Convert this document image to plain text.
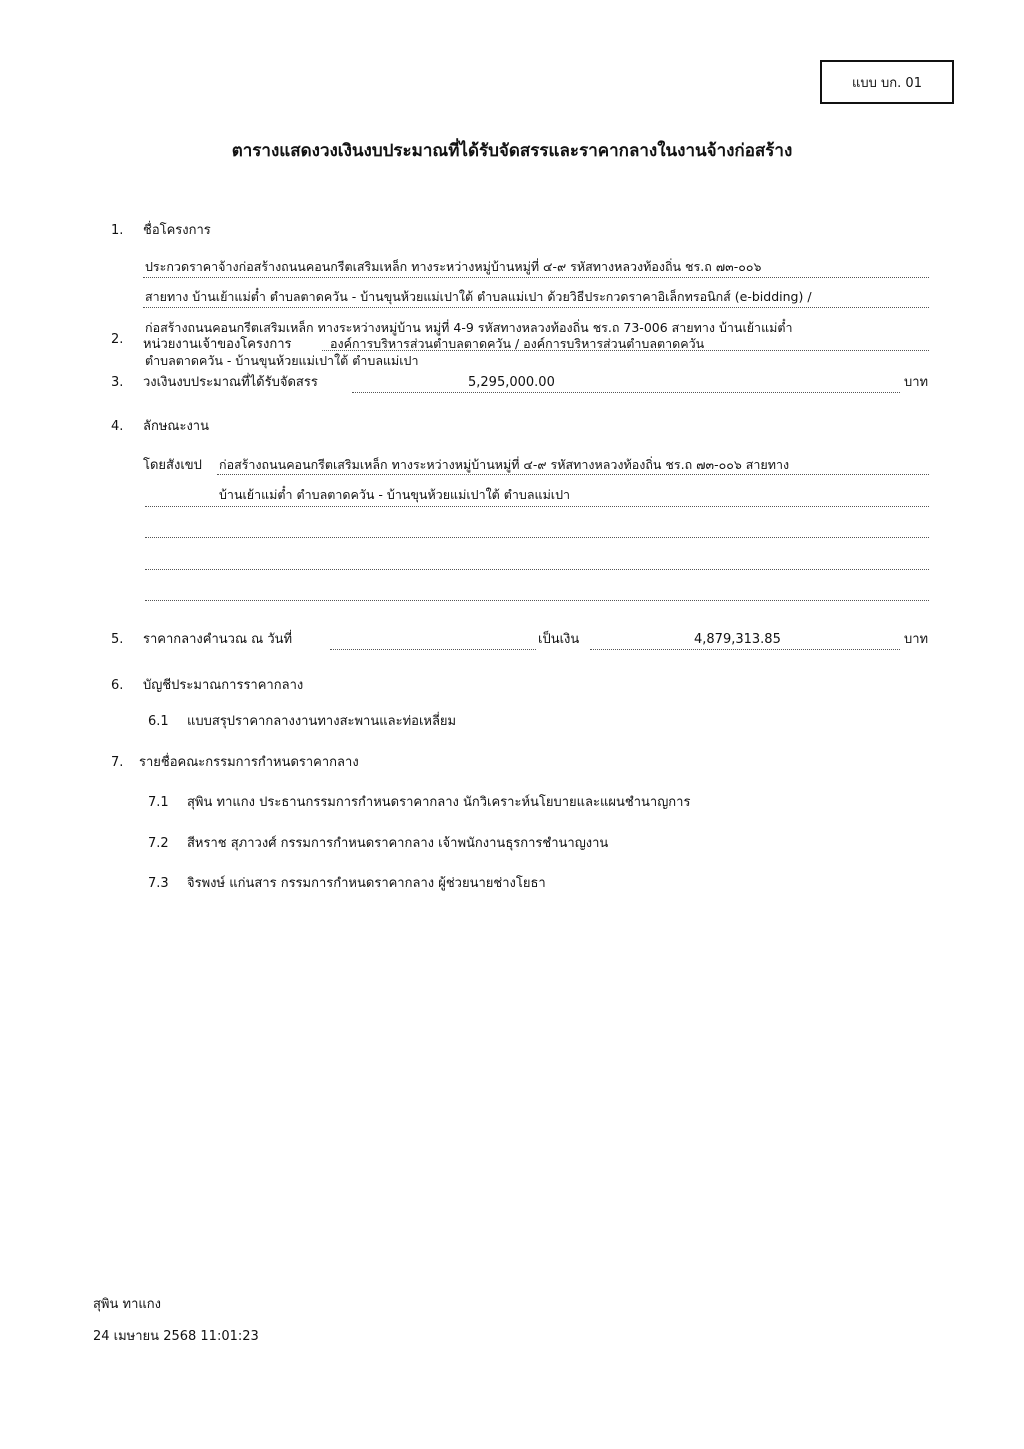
แบบ บก. 01
ตารางแสดงวงเงินงบประมาณที่ได้รับจัดสรรและราคากลางในงานจ้างก่อสร้าง
1. ชื่อโครงการ
ประกวดราคาจ้างก่อสร้างถนนคอนกรีตเสริมเหล็ก ทางระหว่างหมู่บ้านหมู่ที่ ๔-๙ รหัสทางหลวงท้องถิ่น ชร.ถ ๗๓-๐๐๖
สายทาง บ้านเย้าแม่ต๋ำ ตำบลตาดควัน - บ้านขุนห้วยแม่เปาใต้ ตำบลแม่เปา ด้วยวิธีประกวดราคาอิเล็กทรอนิกส์ (e-bidding) /
ก่อสร้างถนนคอนกรีตเสริมเหล็ก ทางระหว่างหมู่บ้าน หมู่ที่ 4-9 รหัสทางหลวงท้องถิ่น ชร.ถ 73-006 สายทาง บ้านเย้าแม่ต๋ำ
ตำบลตาดควัน - บ้านขุนห้วยแม่เปาใต้ ตำบลแม่เปา
2. หน่วยงานเจ้าของโครงการ	องค์การบริหารส่วนตำบลตาดควัน / องค์การบริหารส่วนตำบลตาดควัน
3. วงเงินงบประมาณที่ได้รับจัดสรร	5,295,000.00	บาท
4. ลักษณะงาน
โดยสังเขป ก่อสร้างถนนคอนกรีตเสริมเหล็ก ทางระหว่างหมู่บ้านหมู่ที่ ๔-๙ รหัสทางหลวงท้องถิ่น ชร.ถ ๗๓-๐๐๖ สายทาง
บ้านเย้าแม่ต๋ำ ตำบลตาดควัน - บ้านขุนห้วยแม่เปาใต้ ตำบลแม่เปา
5. ราคากลางคำนวณ ณ วันที่	เป็นเงิน	4,879,313.85	บาท
6. บัญชีประมาณการราคากลาง
6.1 แบบสรุปราคากลางงานทางสะพานและท่อเหลี่ยม
7. รายชื่อคณะกรรมการกำหนดราคากลาง
7.1 สุพิน ทาแกง ประธานกรรมการกำหนดราคากลาง นักวิเคราะห์นโยบายและแผนชำนาญการ
7.2 สีหราช สุภาวงศ์ กรรมการกำหนดราคากลาง เจ้าพนักงานธุรการชำนาญงาน
7.3 จิรพงษ์ แก่นสาร กรรมการกำหนดราคากลาง ผู้ช่วยนายช่างโยธา
สุพิน ทาแกง
24 เมษายน 2568 11:01:23
